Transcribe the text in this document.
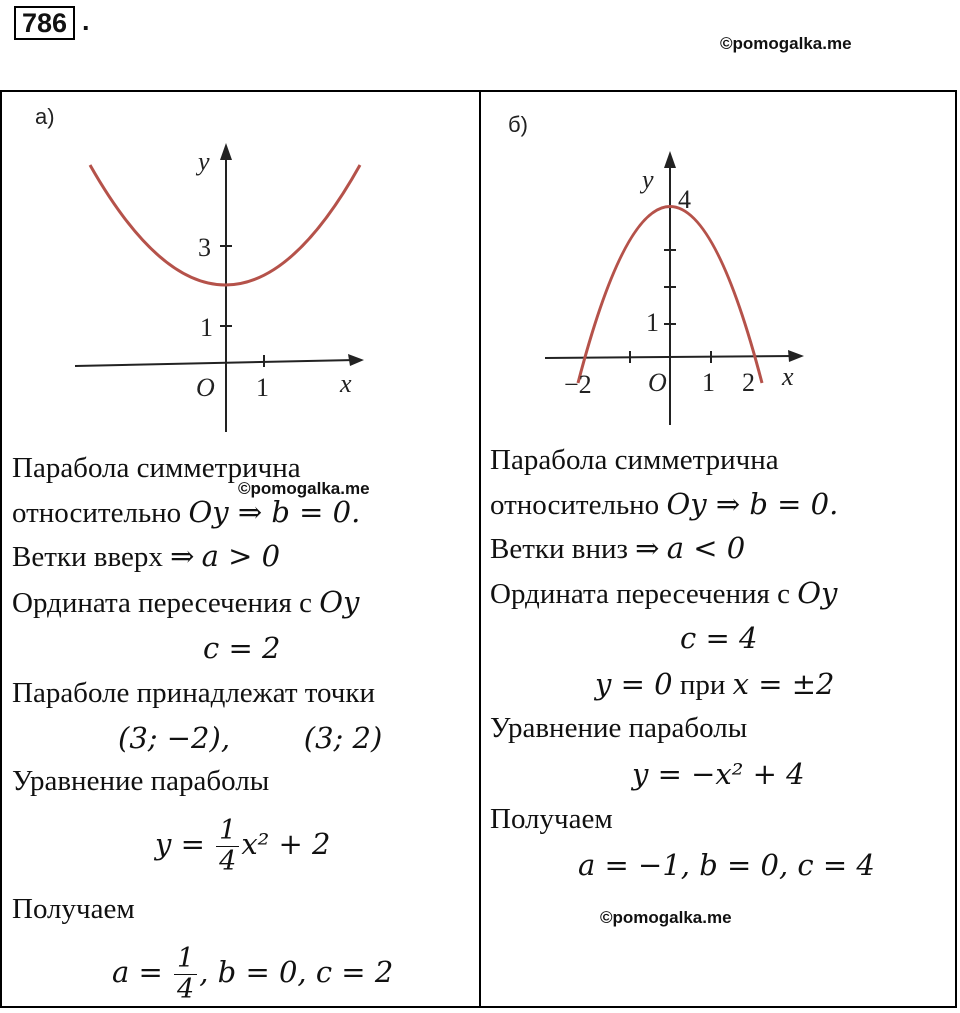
786 .
©pomogalka.me
а)	б)
y
3
1
O 1	x
y
4
1
−2 O 1 2 x
Парабола симметрична
©pomogalka.me
относительно Oy ⇒ b = 0.
Ветки вверх ⇒ a > 0
Ордината пересечения с Oy
c = 2
Параболе принадлежат точки
(3; −2),        (3; 2)
Уравнение параболы
$y = \frac{1}{4} x^2 + 2$
Получаем
$a = \frac{1}{4}$ , b = 0, c = 2
Парабола симметрична
относительно Oy ⇒ b = 0.
Ветки вниз ⇒ a < 0
Ордината пересечения с Oy
c = 4
y = 0 при x = ±2
Уравнение параболы
y = −x² + 4
Получаем
a = −1, b = 0, c = 4
©pomogalka.me
